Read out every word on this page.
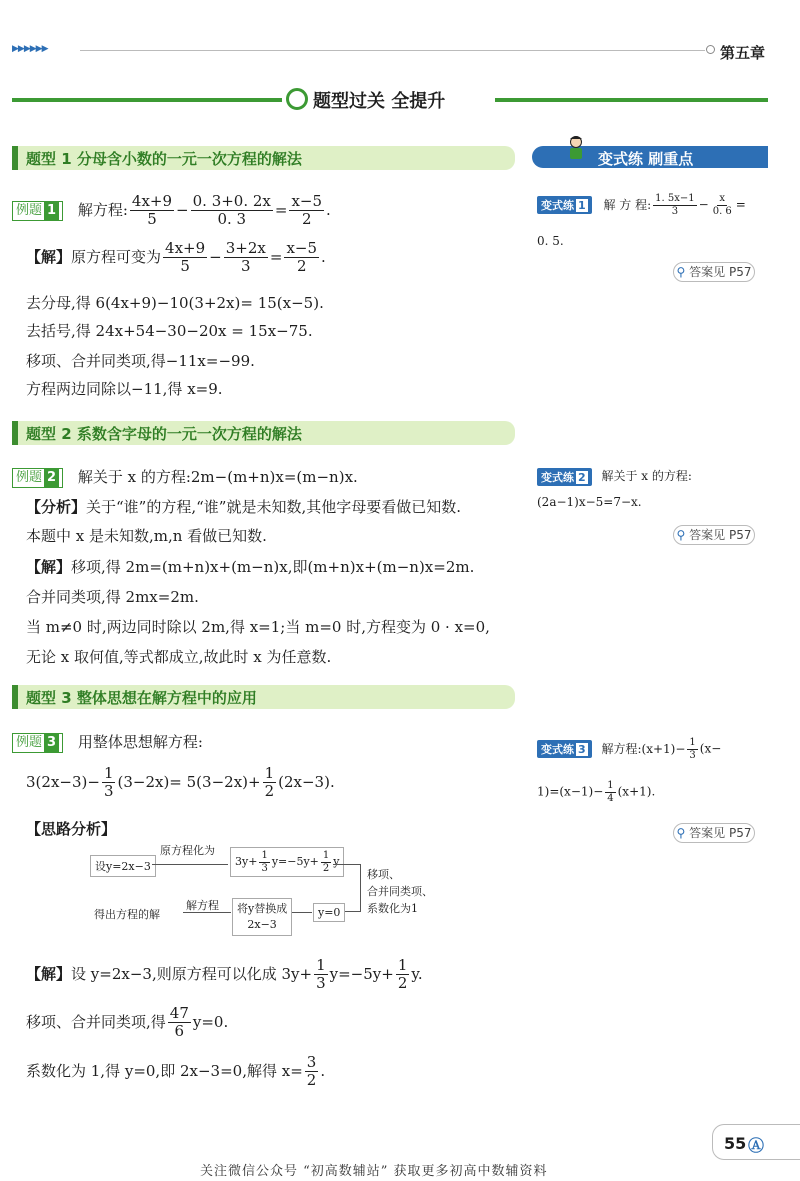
▶▶▶▶▶▶	第五章
题型过关 全提升
变式练 刷重点
题型 1 分母含小数的一元一次方程的解法
例题 1 解方程: $\frac{4x+9}{5} - \frac{0. 3+0. 2x}{0. 3} = \frac{x-5}{2}$ .
【解】原方程可变为 $\frac{4x+9}{5} - \frac{3+2x}{3} = \frac{x-5}{2}$ .
去分母,得 6(4x+9)−10(3+2x)= 15(x−5).
去括号,得 24x+54−30−20x = 15x−75.
移项、合并同类项,得−11x=−99.
方程两边同除以−11,得 x=9.
变式练 1 解 方 程: $\frac{1. 5x-1}{3} - \frac{x}{0. 6}$ =
0. 5.
⚲ 答案见 P57
题型 2 系数含字母的一元一次方程的解法
例题 2 解关于 x 的方程:2m−(m+n)x=(m−n)x.
【分析】关于“谁”的方程,“谁”就是未知数,其他字母要看做已知数.
本题中 x 是未知数,m,n 看做已知数.
【解】移项,得 2m=(m+n)x+(m−n)x,即(m+n)x+(m−n)x=2m.
合并同类项,得 2mx=2m.
当 m≠0 时,两边同时除以 2m,得 x=1;当 m=0 时,方程变为 0 · x=0,
无论 x 取何值,等式都成立,故此时 x 为任意数.
变式练 2 解关于 x 的方程:
(2a−1)x−5=7−x.
⚲ 答案见 P57
题型 3 整体思想在解方程中的应用
例题 3 用整体思想解方程:
$3(2x-3)- \frac{1}{3} (3-2x)= 5(3-2x)+ \frac{1}{2} (2x-3)$.
【思路分析】
设y=2x−3
原方程化为
$3y+ \frac{1}{3} y=-5y+ \frac{1}{2}$ y
移项、
合并同类项、
系数化为1
y=0
将y替换成
2x−3
解方程
得出方程的解
【解】设 y=2x−3,则原方程可以化成 $3y+ \frac{1}{3} y=-5y+ \frac{1}{2} y$.
移项、合并同类项,得 $\frac{47}{6} y=0$.
系数化为 1,得 y=0,即 2x−3=0,解得 $x= \frac{3}{2}$ .
变式练 3 解方程:(x+1)− $\frac{1}{3} (x-$
$1)=(x-1)- \frac{1}{4} (x+1)$.
⚲ 答案见 P57
55 Ⓐ
关注微信公众号 “初高数辅站” 获取更多初高中数辅资料
